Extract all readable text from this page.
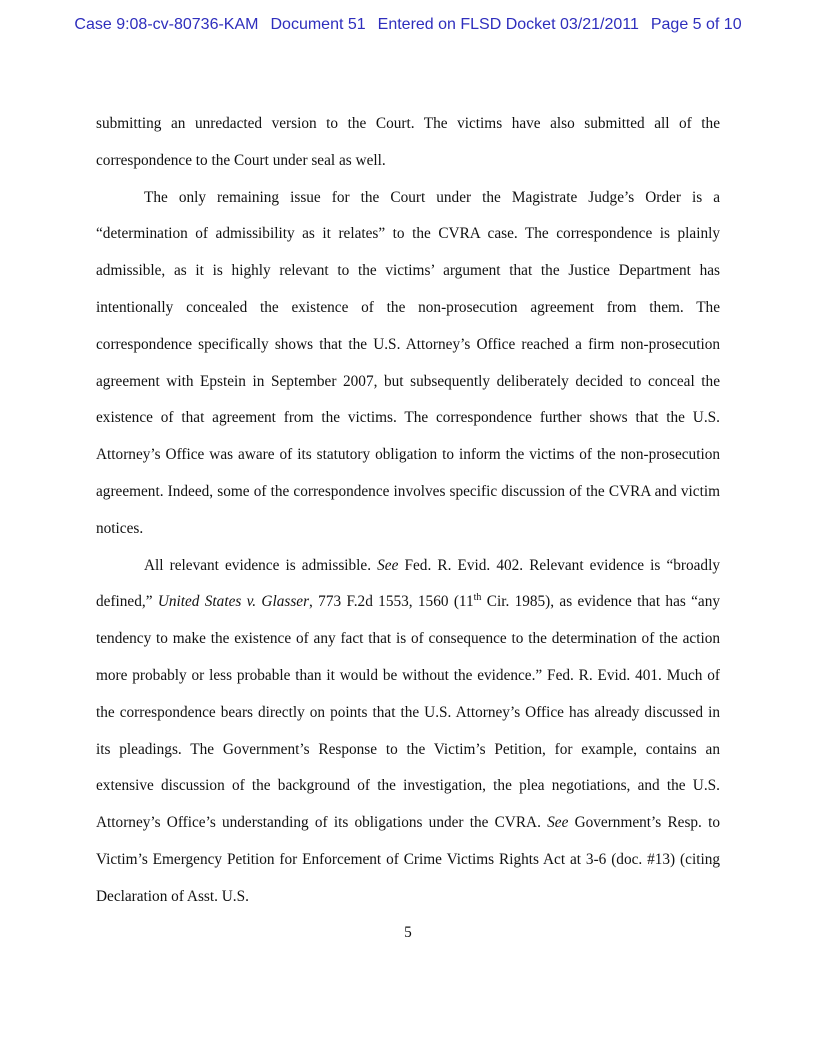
Case 9:08-cv-80736-KAM Document 51 Entered on FLSD Docket 03/21/2011 Page 5 of 10

submitting an unredacted version to the Court. The victims have also submitted all of the correspondence to the Court under seal as well.

The only remaining issue for the Court under the Magistrate Judge’s Order is a “determination of admissibility as it relates” to the CVRA case. The correspondence is plainly admissible, as it is highly relevant to the victims’ argument that the Justice Department has intentionally concealed the existence of the non-prosecution agreement from them. The correspondence specifically shows that the U.S. Attorney’s Office reached a firm non-prosecution agreement with Epstein in September 2007, but subsequently deliberately decided to conceal the existence of that agreement from the victims. The correspondence further shows that the U.S. Attorney’s Office was aware of its statutory obligation to inform the victims of the non-prosecution agreement. Indeed, some of the correspondence involves specific discussion of the CVRA and victim notices.

All relevant evidence is admissible. See Fed. R. Evid. 402. Relevant evidence is “broadly defined,” United States v. Glasser, 773 F.2d 1553, 1560 (11th Cir. 1985), as evidence that has “any tendency to make the existence of any fact that is of consequence to the determination of the action more probably or less probable than it would be without the evidence.” Fed. R. Evid. 401. Much of the correspondence bears directly on points that the U.S. Attorney’s Office has already discussed in its pleadings. The Government’s Response to the Victim’s Petition, for example, contains an extensive discussion of the background of the investigation, the plea negotiations, and the U.S. Attorney’s Office’s understanding of its obligations under the CVRA. See Government’s Resp. to Victim’s Emergency Petition for Enforcement of Crime Victims Rights Act at 3-6 (doc. #13) (citing Declaration of Asst. U.S.

5
